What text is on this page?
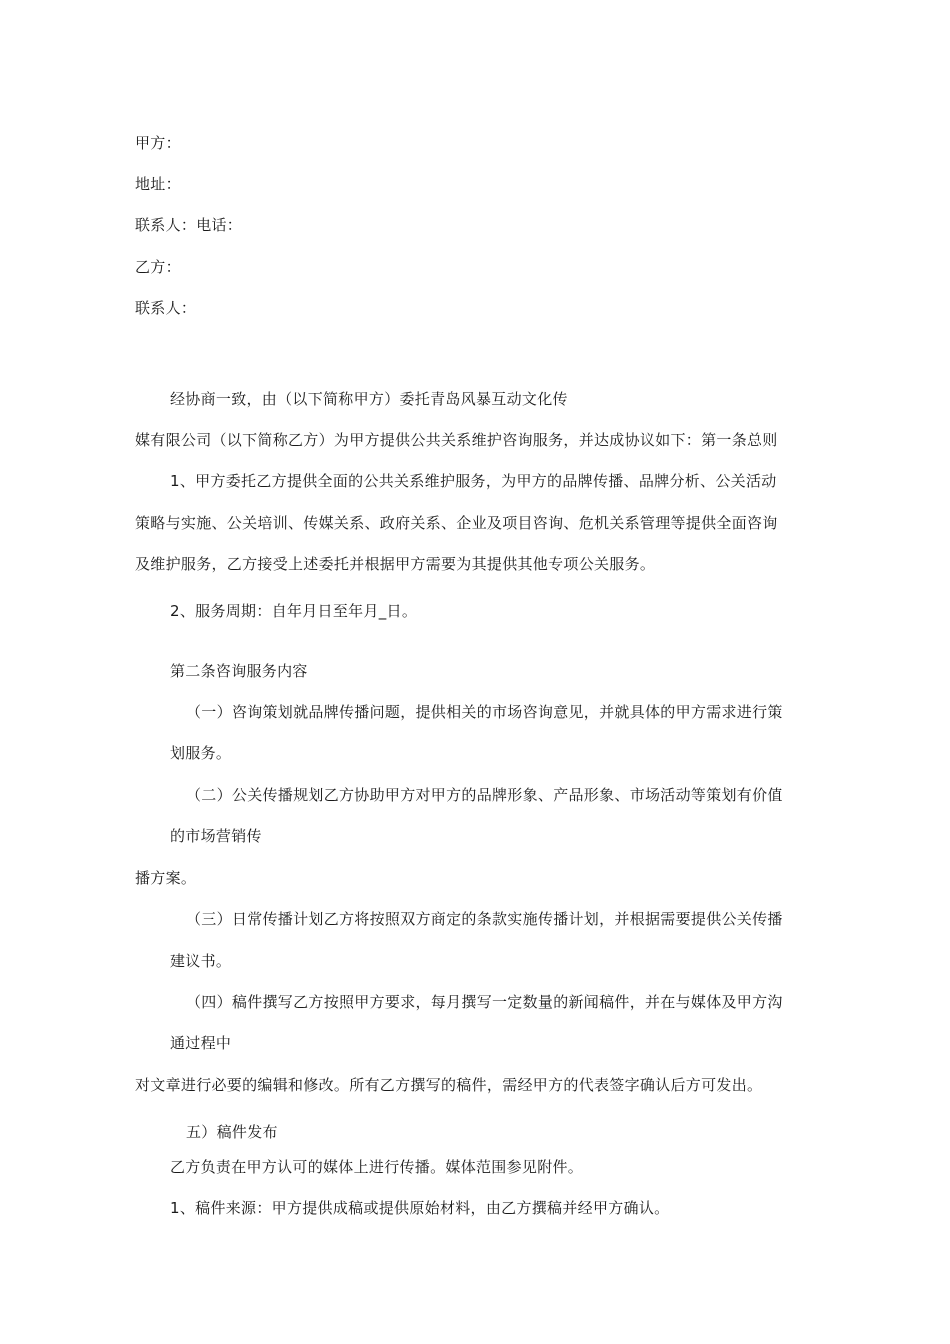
甲方：
地址：
联系人：电话：
乙方：
联系人：
经协商一致，由（以下简称甲方）委托青岛风暴互动文化传
媒有限公司（以下简称乙方）为甲方提供公共关系维护咨询服务，并达成协议如下：第一条总则
1、甲方委托乙方提供全面的公共关系维护服务，为甲方的品牌传播、品牌分析、公关活动
策略与实施、公关培训、传媒关系、政府关系、企业及项目咨询、危机关系管理等提供全面咨询
及维护服务，乙方接受上述委托并根据甲方需要为其提供其他专项公关服务。
2、服务周期：自年月日至年月_日。
第二条咨询服务内容
（一）咨询策划就品牌传播问题，提供相关的市场咨询意见，并就具体的甲方需求进行策
划服务。
（二）公关传播规划乙方协助甲方对甲方的品牌形象、产品形象、市场活动等策划有价值
的市场营销传
播方案。
（三）日常传播计划乙方将按照双方商定的条款实施传播计划，并根据需要提供公关传播
建议书。
（四）稿件撰写乙方按照甲方要求，每月撰写一定数量的新闻稿件，并在与媒体及甲方沟
通过程中
对文章进行必要的编辑和修改。所有乙方撰写的稿件，需经甲方的代表签字确认后方可发出。
五）稿件发布
乙方负责在甲方认可的媒体上进行传播。媒体范围参见附件。
1、稿件来源：甲方提供成稿或提供原始材料，由乙方撰稿并经甲方确认。
